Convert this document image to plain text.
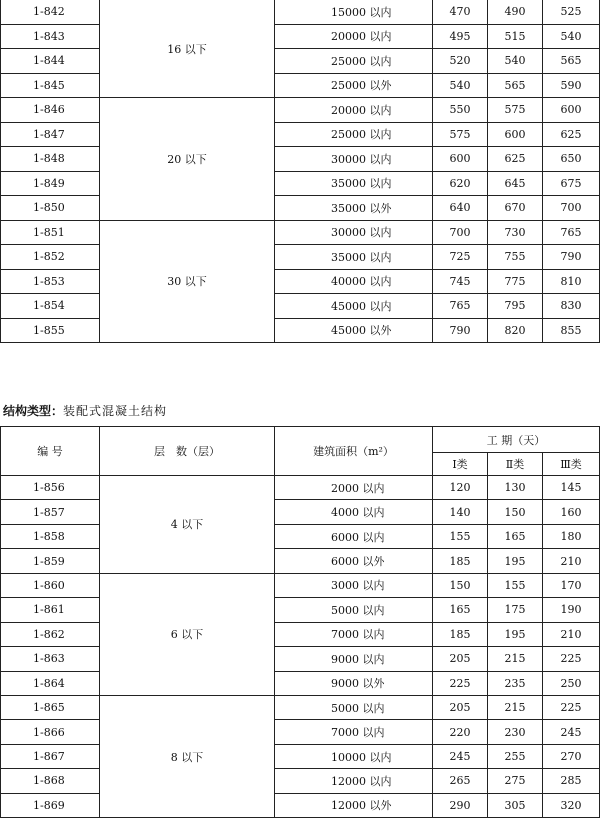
1-842	16 以下	15000 以内	470	490	525
1-843		20000 以内	495	515	540
1-844		25000 以内	520	540	565
1-845		25000 以外	540	565	590
1-846	20 以下	20000 以内	550	575	600
1-847		25000 以内	575	600	625
1-848		30000 以内	600	625	650
1-849		35000 以内	620	645	675
1-850		35000 以外	640	670	700
1-851	30 以下	30000 以内	700	730	765
1-852		35000 以内	725	755	790
1-853		40000 以内	745	775	810
1-854		45000 以内	765	795	830
1-855		45000 以外	790	820	855
结构类型：装配式混凝土结构
编 号	层　数（层）	建筑面积（m²）	工 期（天）		
			Ⅰ类	Ⅱ类	Ⅲ类
1-856	4 以下	2000 以内	120	130	145
1-857		4000 以内	140	150	160
1-858		6000 以内	155	165	180
1-859		6000 以外	185	195	210
1-860	6 以下	3000 以内	150	155	170
1-861		5000 以内	165	175	190
1-862		7000 以内	185	195	210
1-863		9000 以内	205	215	225
1-864		9000 以外	225	235	250
1-865	8 以下	5000 以内	205	215	225
1-866		7000 以内	220	230	245
1-867		10000 以内	245	255	270
1-868		12000 以内	265	275	285
1-869		12000 以外	290	305	320
